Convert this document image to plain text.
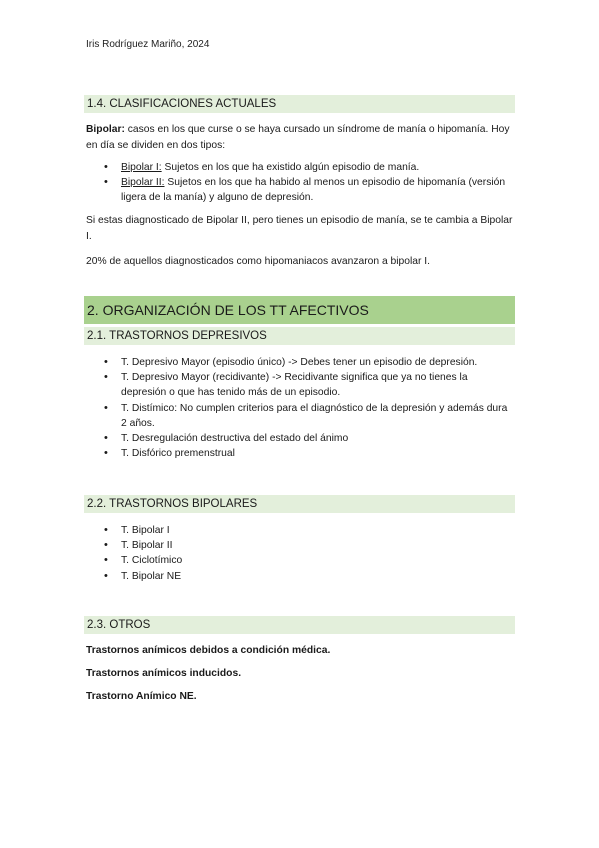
Iris Rodríguez Mariño, 2024
1.4. CLASIFICACIONES ACTUALES

Bipolar: casos en los que curse o se haya cursado un síndrome de manía o hipomanía. Hoy en día se dividen en dos tipos:

• Bipolar I: Sujetos en los que ha existido algún episodio de manía.
• Bipolar II: Sujetos en los que ha habido al menos un episodio de hipomanía (versión ligera de la manía) y alguno de depresión.

Si estas diagnosticado de Bipolar II, pero tienes un episodio de manía, se te cambia a Bipolar I.

20% de aquellos diagnosticados como hipomaniacos avanzaron a bipolar I.

2. ORGANIZACIÓN DE LOS TT AFECTIVOS
2.1. TRASTORNOS DEPRESIVOS
• T. Depresivo Mayor (episodio único) -> Debes tener un episodio de depresión.
• T. Depresivo Mayor (recidivante) -> Recidivante significa que ya no tienes la depresión o que has tenido más de un episodio.
• T. Distímico: No cumplen criterios para el diagnóstico de la depresión y además dura 2 años.
• T. Desregulación destructiva del estado del ánimo
• T. Disfórico premenstrual
2.2. TRASTORNOS BIPOLARES
• T. Bipolar I
• T. Bipolar II
• T. Ciclotímico
• T. Bipolar NE
2.3. OTROS

Trastornos anímicos debidos a condición médica.

Trastornos anímicos inducidos.

Trastorno Anímico NE.
